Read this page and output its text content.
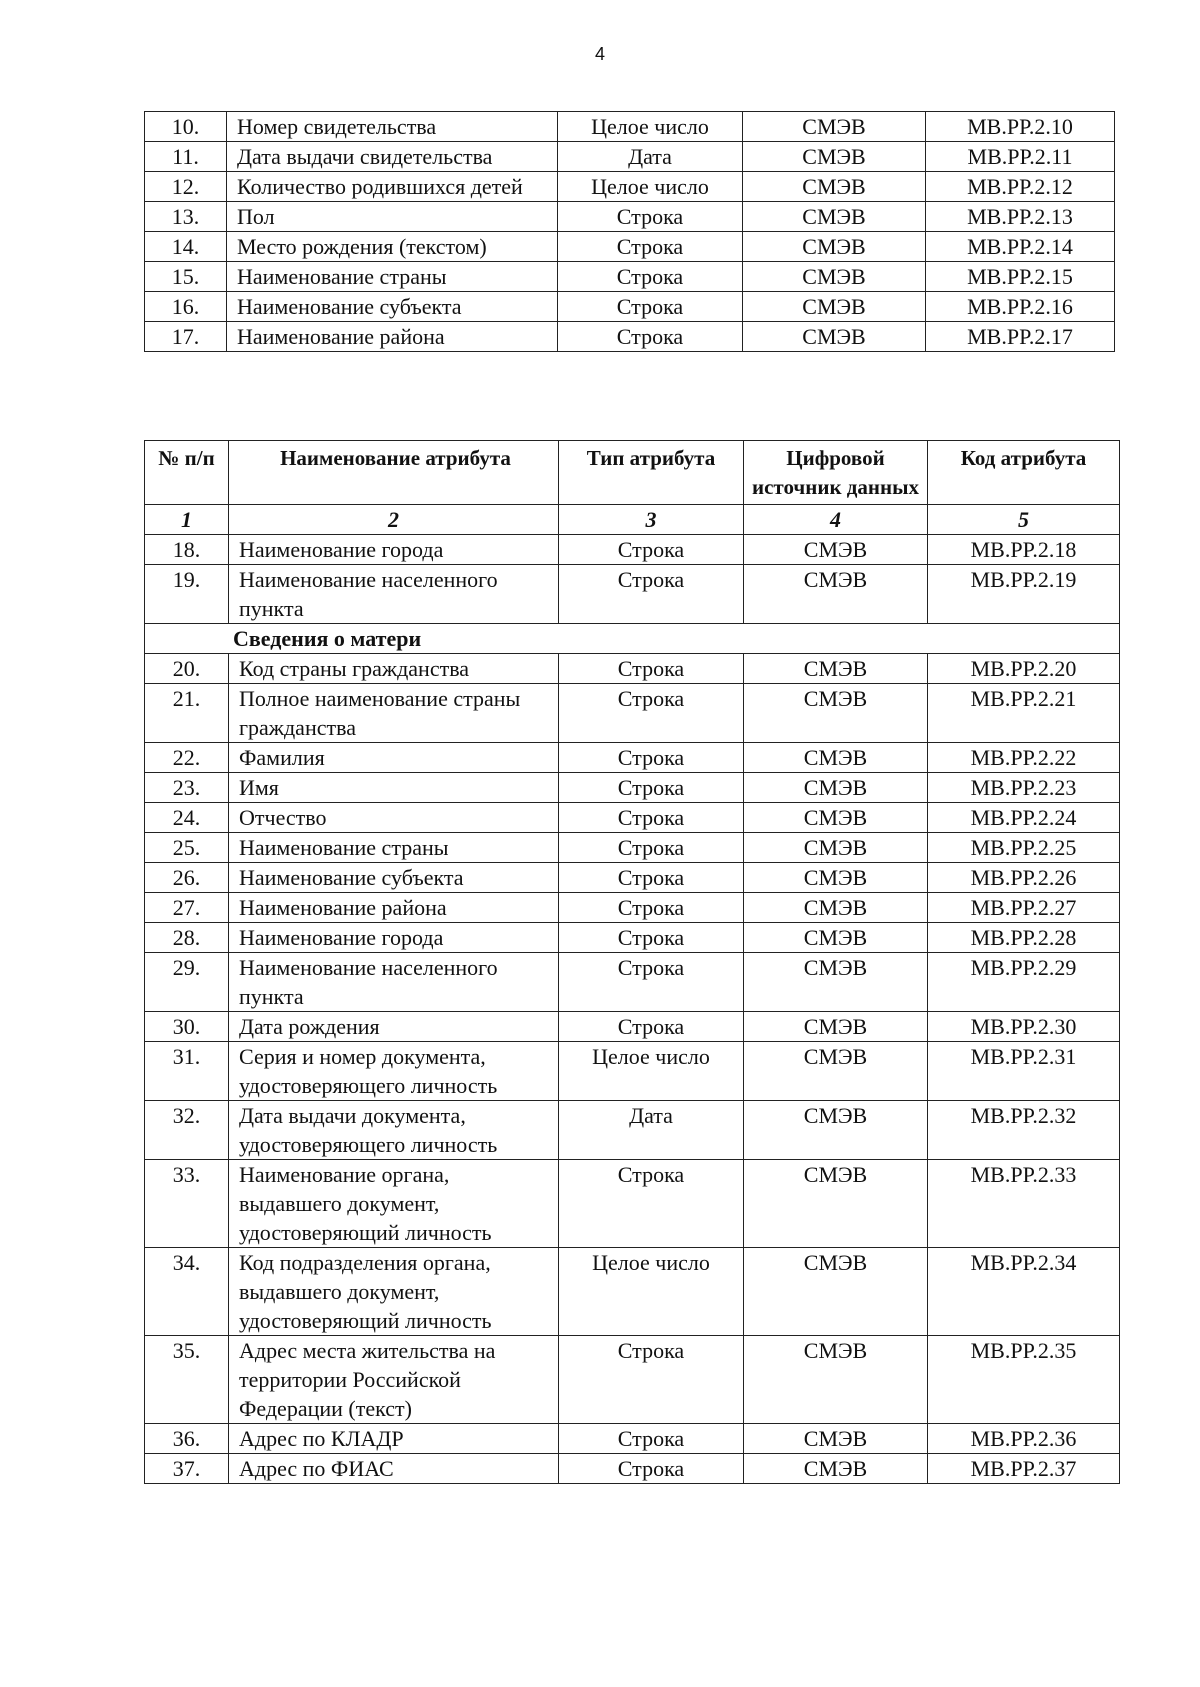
4
10.	Номер свидетельства	Целое число	СМЭВ	MB.PP.2.10
11.	Дата выдачи свидетельства	Дата	СМЭВ	MB.PP.2.11
12.	Количество родившихся детей	Целое число	СМЭВ	MB.PP.2.12
13.	Пол	Строка	СМЭВ	MB.PP.2.13
14.	Место рождения (текстом)	Строка	СМЭВ	MB.PP.2.14
15.	Наименование страны	Строка	СМЭВ	MB.PP.2.15
16.	Наименование субъекта	Строка	СМЭВ	MB.PP.2.16
17.	Наименование района	Строка	СМЭВ	MB.PP.2.17
№ п/п	Наименование атрибута	Тип атрибута	Цифровой источник данных	Код атрибута
1	2	3	4	5
18.	Наименование города	Строка	СМЭВ	MB.PP.2.18
19.	Наименование населенного пункта	Строка	СМЭВ	MB.PP.2.19
Сведения о матери				
20.	Код страны гражданства	Строка	СМЭВ	MB.PP.2.20
21.	Полное наименование страны гражданства	Строка	СМЭВ	MB.PP.2.21
22.	Фамилия	Строка	СМЭВ	MB.PP.2.22
23.	Имя	Строка	СМЭВ	MB.PP.2.23
24.	Отчество	Строка	СМЭВ	MB.PP.2.24
25.	Наименование страны	Строка	СМЭВ	MB.PP.2.25
26.	Наименование субъекта	Строка	СМЭВ	MB.PP.2.26
27.	Наименование района	Строка	СМЭВ	MB.PP.2.27
28.	Наименование города	Строка	СМЭВ	MB.PP.2.28
29.	Наименование населенного пункта	Строка	СМЭВ	MB.PP.2.29
30.	Дата рождения	Строка	СМЭВ	MB.PP.2.30
31.	Серия и номер документа, удостоверяющего личность	Целое число	СМЭВ	MB.PP.2.31
32.	Дата выдачи документа, удостоверяющего личность	Дата	СМЭВ	MB.PP.2.32
33.	Наименование органа, выдавшего документ, удостоверяющий личность	Строка	СМЭВ	MB.PP.2.33
34.	Код подразделения органа, выдавшего документ, удостоверяющий личность	Целое число	СМЭВ	MB.PP.2.34
35.	Адрес места жительства на территории Российской Федерации (текст)	Строка	СМЭВ	MB.PP.2.35
36.	Адрес по КЛАДР	Строка	СМЭВ	MB.PP.2.36
37.	Адрес по ФИАС	Строка	СМЭВ	MB.PP.2.37
